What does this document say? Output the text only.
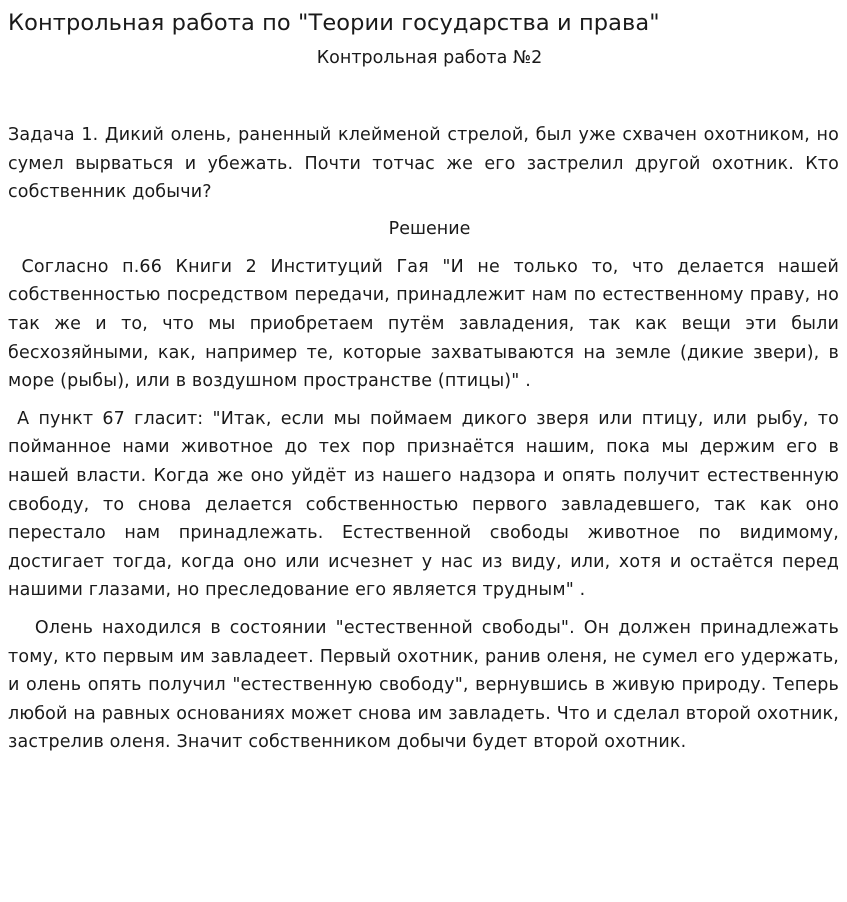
Контрольная работа по "Теории государства и права"
Контрольная работа №2

Задача 1. Дикий олень, раненный клейменой стрелой, был уже схвачен охотником, но сумел вырваться и убежать. Почти тотчас же его застрелил другой охотник. Кто собственник добычи?

Решение

Согласно п.66 Книги 2 Институций Гая "И не только то, что делается нашей собственностью посредством передачи, принадлежит нам по естественному праву, но так же и то, что мы приобретаем путём завладения, так как вещи эти были бесхозяйными, как, например те, которые захватываются на земле (дикие звери), в море (рыбы), или в воздушном пространстве (птицы)" .

А пункт 67 гласит: "Итак, если мы поймаем дикого зверя или птицу, или рыбу, то пойманное нами животное до тех пор признаётся нашим, пока мы держим его в нашей власти. Когда же оно уйдёт из нашего надзора и опять получит естественную свободу, то снова делается собственностью первого завладевшего, так как оно перестало нам принадлежать. Естественной свободы животное по видимому, достигает тогда, когда оно или исчезнет у нас из виду, или, хотя и остаётся перед нашими глазами, но преследование его является трудным" .

Олень находился в состоянии "естественной свободы". Он должен принадлежать тому, кто первым им завладеет. Первый охотник, ранив оленя, не сумел его удержать, и олень опять получил "естественную свободу", вернувшись в живую природу. Теперь любой на равных основаниях может снова им завладеть. Что и сделал второй охотник, застрелив оленя. Значит собственником добычи будет второй охотник.
